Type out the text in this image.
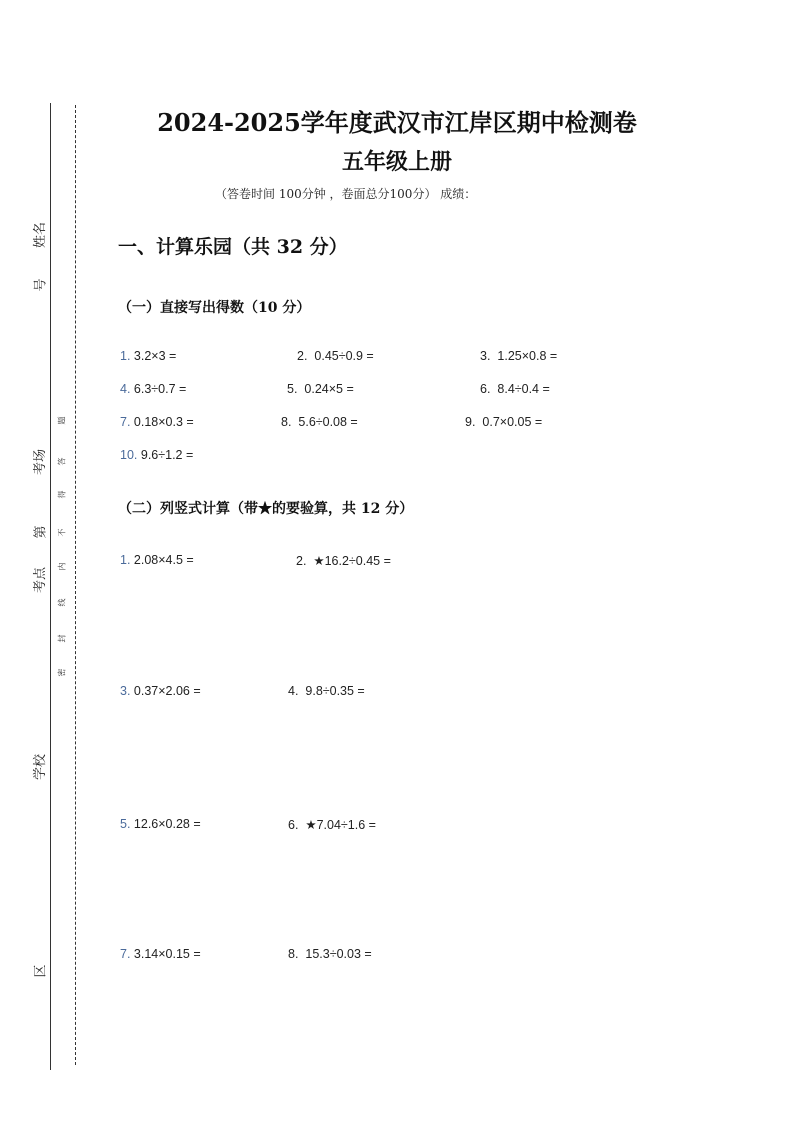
姓名
号
考场
第
考点
学校
区
题
答
得
不
内
线
封
密
2024-2025学年度武汉市江岸区期中检测卷
五年级上册
（答卷时间 100分钟 ，卷面总分100分） 成绩：
一、计算乐园（共 32 分）
（一）直接写出得数（10 分）
1. 3.2×3 =	2. 0.45÷0.9 =	3. 1.25×0.8 =
4. 6.3÷0.7 =	5. 0.24×5 =	6. 8.4÷0.4 =
7. 0.18×0.3 =	8. 5.6÷0.08 =	9. 0.7×0.05 =
10. 9.6÷1.2 =
（二）列竖式计算（带★的要验算，共 12 分）
1. 2.08×4.5 =	2. ★16.2÷0.45 =
3. 0.37×2.06 =	4. 9.8÷0.35 =
5. 12.6×0.28 =	6. ★7.04÷1.6 =
7. 3.14×0.15 =	8. 15.3÷0.03 =
